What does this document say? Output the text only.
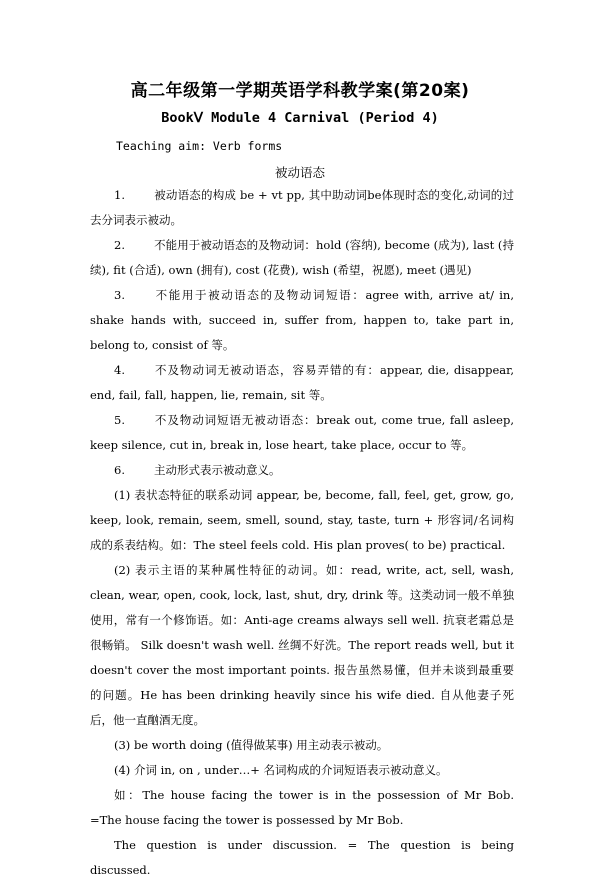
高二年级第一学期英语学科教学案(第20案)
BookⅤ Module 4 Carnival (Period 4)
Teaching aim: Verb forms
被动语态

1.	被动语态的构成 be + vt pp, 其中助动词be体现时态的变化,动词的过去分词表示被动。

2.	不能用于被动语态的及物动词：hold (容纳), become (成为), last (持续), fit (合适), own (拥有), cost (花费), wish (希望，祝愿), meet (遇见)

3.	不能用于被动语态的及物动词短语：agree with, arrive at/ in, shake hands with, succeed in, suffer from, happen to, take part in, belong to, consist of 等。

4.	不及物动词无被动语态，容易弄错的有：appear, die, disappear, end, fail, fall, happen, lie, remain, sit 等。

5.	不及物动词短语无被动语态：break out, come true, fall asleep, keep silence, cut in, break in, lose heart, take place, occur to 等。

6.	主动形式表示被动意义。

(1) 表状态特征的联系动词 appear, be, become, fall, feel, get, grow, go, keep, look, remain, seem, smell, sound, stay, taste, turn + 形容词/名词构成的系表结构。如：The steel feels cold. His plan proves( to be) practical.

(2) 表示主语的某种属性特征的动词。如：read, write, act, sell, wash, clean, wear, open, cook, lock, last, shut, dry, drink 等。这类动词一般不单独使用，常有一个修饰语。如：Anti-age creams always sell well. 抗衰老霜总是很畅销。 Silk doesn't wash well. 丝绸不好洗。The report reads well, but it doesn't cover the most important points. 报告虽然易懂，但并未谈到最重要的问题。He has been drinking heavily since his wife died. 自从他妻子死后，他一直酗酒无度。

(3) be worth doing (值得做某事) 用主动表示被动。

(4) 介词 in, on , under…+ 名词构成的介词短语表示被动意义。

如：The house facing the tower is in the possession of Mr Bob. =The house facing the tower is possessed by Mr Bob.

The question is under discussion. = The question is being discussed.
